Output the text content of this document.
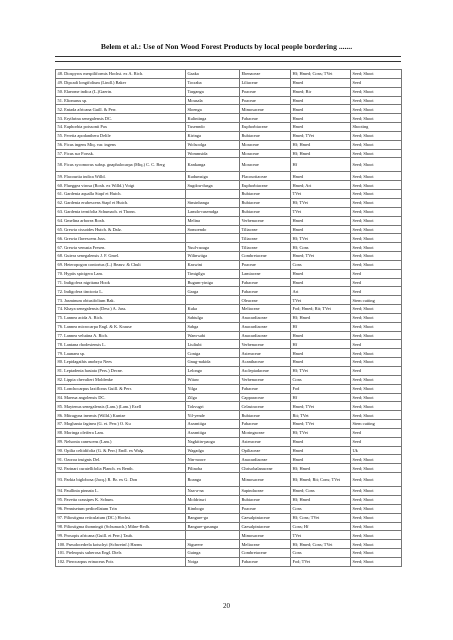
Belem et al.: Use of Non Wood Forest Products by local people bordering .......
48. Diospyros mespiliformis Hochst. ex A. Rich.	Gaaka	Ebenaceae	Hf; Hmed; Cons; TVet	Seed; Shoot
49. Dipcadi longifolium (Lindl.) Baker	Tocraba	Liliaceae	Hmed	Seed
50. Elaeome indica (L.)Gaertn.	Targanga	Poaceae	Hmed; Bir	Seed; Shoot
51. Elionurus sp.	Mousala	Poaceae	Hmed	Seed; Shoot
52. Entada africana Guill. & Perr.	Sloenga	Mimosaceae	Hmed	Seed; Shoot
53. Erythrina senegalensis DC.	Kulintinga	Fabaceae	Hmed	Seed; Shoot
54. Euphorbia poissonii Pax	Tusenndo	Euphorbiaceae	Hmed	Shooting
55. Feretia apodanthera Delile	Kiringa	Rubiaceae	Hmed; TVet	Seed; Shoot
56. Ficus ingens Miq. var. ingens	Wolsoolga	Moraceae	Hf; Hmed	Seed; Shoot
57. Ficus sur Forssk.	Wommsida	Moraceae	Hf; Hmed	Seed; Shoot
58. Ficus sycomorus subsp. gnaphalocarpa (Miq.) C. C. Berg	Kankanga	Moraceae	Hf	Seed; Shoot
59. Flacourtia indica Willd.	Kudumsiga	Flacourtiaceae	Hmed	Seed; Shoot
60. Flueggea virosa (Roxb. ex Willd.) Voigt	Sugdou-dusga	Euphorbiaceae	Hmed; Art	Seed; Shoot
61. Gardenia aqualla Stapf et Hutch.		Rubiaceae	TVet	Seed; Shoot
62. Gardenia erubescens Stapf et Hutch.	Sinsinbanga	Rubiaceae	Hf; TVet	Seed; Shoot
63. Gardenia ternifolia Schumach. et Thonn.	Lamdo-rasemdga	Rubiaceae	TVet	Seed; Shoot
64. Gmelina arborea Roxb.	Melina	Verbenaceae	Hmed	Seed; Shoot
65. Grewia cissoides Hutch. & Dalz.	Somoendo	Tiliaceae	Hmed	Seed; Shoot
66. Grewia flavescens Juss.		Tiliaceae	Hf; TVet	Seed; Shoot
67. Grewia venusta Fresen.	Yuul-raoaga	Tiliaceae	Hf; Cons	Seed; Shoot
68. Guiera senegalensis J. F. Gmel.	Wilinwiiga	Combretaceae	Hmed; TVet	Seed; Shoot
69. Heteropogon contortus (L.) Beauv. & Chult	Kaswini	Poaceae	Cons	Seed; Shoot
70. Hyptis spicigera Lam.	Timigilga	Lamiaceae	Hmed	Seed
71. Indigofera nigritana Hook	Bugum-yiniga	Fabaceae	Hmed	Seed
72. Indigofera tinctoria L.	Garga	Fabaceae	Art	Seed
73. Jasminum obtusifolium Bak.		Oleaceae	TVet	Stem cutting
74. Khaya senegalensis (Desr.) A. Juss.	Kuka	Meliaceae	Fod; Hmed; Rit; TVet	Seed; Shoot
75. Lannea acida A. Rich.	Sabtulga	Anacardiaceae	Hf; Hmed	Seed; Shoot
76. Lannea microcarpa Engl. & K. Krause	Sabga	Anacardiaceae	Hf	Seed; Shoot
77. Lannea velutina A. Rich.	Wam-sabi	Anacardiaceae	Hmed	Seed; Shoot
78. Lantana rhodesiensis L.	Liuliubi	Verbenaceae	Hf	Seed
79. Launaea sp.	Coniga	Asteraceae	Hmed	Seed; Shoot
80. Lepidagathis anobrya Nees	Gnug-nakida	Acanthaceae	Hmed	Seed; Shoot
81. Leptadenia hastata (Pers.) Decne.	Lelongo	Asclepiadaceae	Hf; TVet	Seed
82. Lippia chevalieri Moldenke	Wiiaw	Verbenaceae	Cons	Seed; Shoot
83. Lonchocarpus laxiflorus Guill. & Perr.	Yilga	Fabaceae	Fod	Seed; Shoot
84. Maerua angolensis DC.	Zilga	Capparaceae	Hf	Seed; Shoot
85. Maytenus senegalensis (Lam.) (Lam.) Exell	Tokvugri	Celastraceae	Hmed; TVet	Seed; Shoot
86. Mitragyna inermis (Willd.) Kuntze	Yil-yende	Rubiaceae	Rit; TVet	Seed; Shoot
87. Moghania faginea (G. et. Perr.) O. Ku	Arzantiiga	Fabaceae	Hmed; TVet	Stem cutting
88. Moringa oleifera Lam.	Arzantiiga	Moringaceae	Hf; TVet	Seed
89. Nelsonia canescens (Lam.)	Nagkitin-paoga	Asteraceae	Hmed	Seed
90. Opilia celtidifolia (G. & Perr.) Endl. ex Walp.	Wagadga	Opiliaceae	Hmed	Uk
91. Ozoroa insignis Del.	Nin-noore	Anacardiaceae	Hmed	Seed; Shoot
92. Parinari curatellifolia Planch. ex Benth.	Pilinoba	Chrisobalanaceae	Hf; Hmed	Seed; Shoot
93. Parkia biglobosa (Jacq.) R. Br. ex G. Don	Roanga	Mimosaceae	Hf; Hmed; Rit; Cons; TVet	Seed; Shoot
94. Paullinia pinnata L.	Naa-a-na	Sapindaceae	Hmed; Cons	Seed; Shoot
95. Pavetta crassipes K. Schum.	Moldrissri	Rubiaceae	Hf; Hmed	Seed; Shoot
96. Pennisetum pedicellatum Trin	Kimbogo	Poaceae	Cons	Seed; Shoot
97. Piliostigma reticulatum (DC.) Hochst.	Bangure-ga	Caesalpiniaceae	Hf; Cons; TVet	Seed; Shoot
98. Piliostigma thonningii (Schumach.) Milne-Redh.	Bangure-gasanga	Caesalpiniaceae	Cons; Hf	Seed; Shoot
99. Prosopis africana (Guill. et Perr.) Taub.		Mimosaceae	TVet	Seed; Shoot
100. Pseudocedrela kotschyi (Schweinf.) Harms	Sigueere	Meliaceae	Hf; Hmed; Cons; TVet	Seed; Shoot
101. Pteleopsis suberosa Engl. Diels	Guinga	Combretaceae	Cons	Seed; Shoot
102. Pterocarpus erinaceus Poir.	Noiga	Fabaceae	Fod; TVet	Seed; Shoot
20
